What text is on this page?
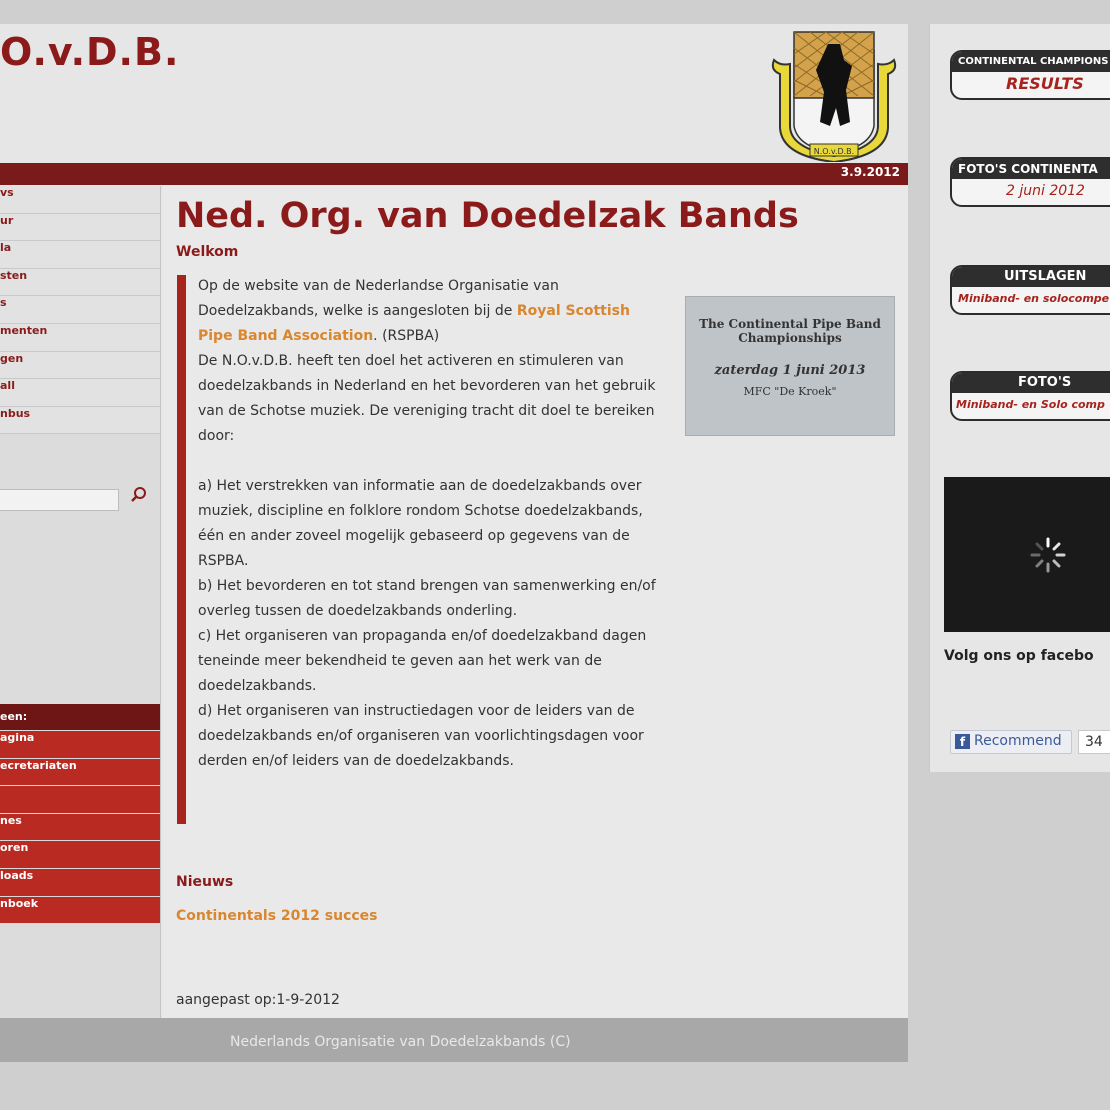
O.v.D.B.
N.O.v.D.B.
3.9.2012
vs
ur
la
sten
s
menten
gen
all
nbus
een:
agina
ecretariaten
nes
oren
loads
nboek
Ned. Org. van Doedelzak Bands
Welkom

Op de website van de Nederlandse Organisatie van Doedelzakbands, welke is aangesloten bij de Royal Scottish Pipe Band Association. (RSPBA)

De N.O.v.D.B. heeft ten doel het activeren en stimuleren van doedelzakbands in Nederland en het bevorderen van het gebruik van de Schotse muziek. De vereniging tracht dit doel te bereiken door:

a) Het verstrekken van informatie aan de doedelzakbands over muziek, discipline en folklore rondom Schotse doedelzakbands, één en ander zoveel mogelijk gebaseerd op gegevens van de RSPBA.

b) Het bevorderen en tot stand brengen van samenwerking en/of overleg tussen de doedelzakbands onderling.

c) Het organiseren van propaganda en/of doedelzakband dagen teneinde meer bekendheid te geven aan het werk van de doedelzakbands.

d) Het organiseren van instructiedagen voor de leiders van de doedelzakbands en/of organiseren van voorlichtingsdagen voor derden en/of leiders van de doedelzakbands.

The Continental Pipe Band Championships
zaterdag 1 juni 2013
MFC "De Kroek"
Nieuws
Continentals 2012 succes
aangepast op:1-9-2012
Nederlands Organisatie van Doedelzakbands (C)
CONTINENTAL CHAMPIONS
RESULTS
FOTO'S CONTINENTA
2 juni 2012
UITSLAGEN
Miniband- en solocompe
FOTO'S
Miniband- en Solo comp
Volg ons op facebo
f Recommend	34
